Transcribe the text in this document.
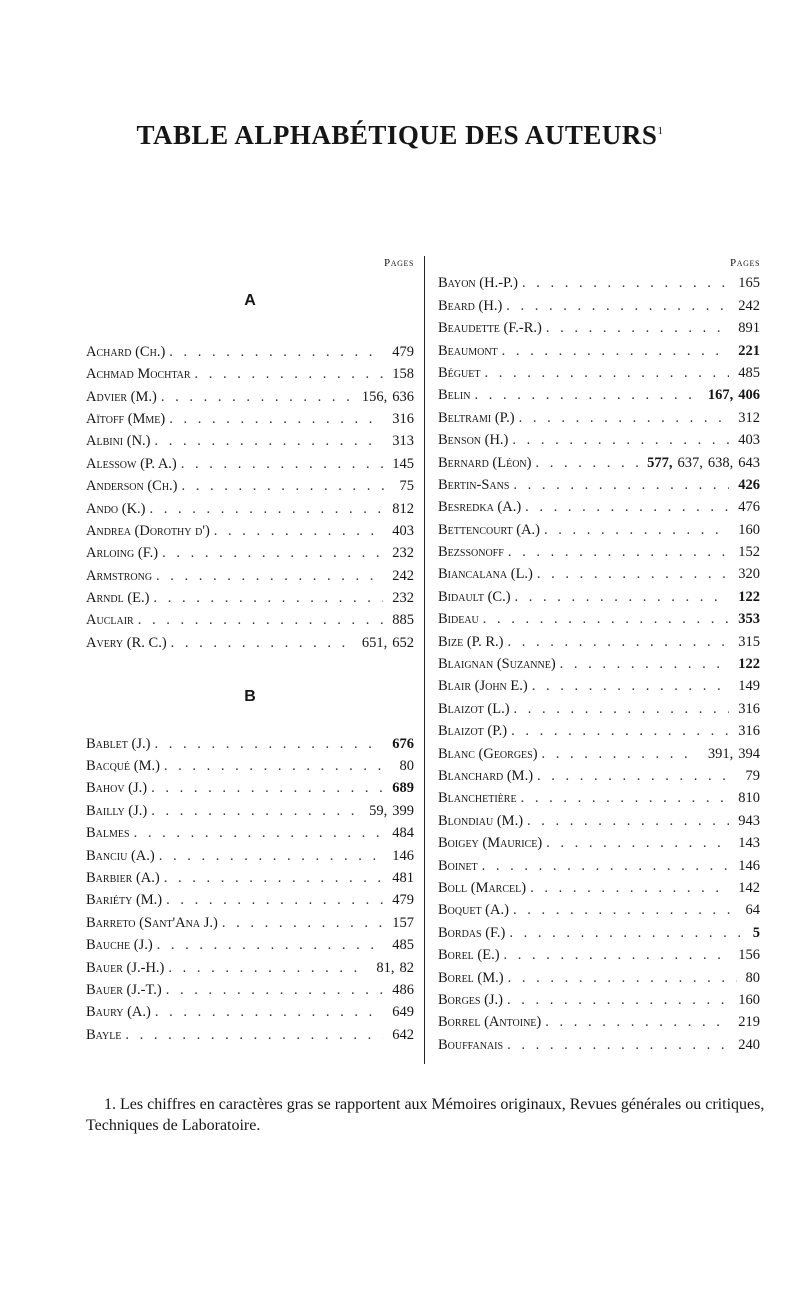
TABLE ALPHABÉTIQUE DES AUTEURS$^1$
Pages
A
Achard (Ch.) . . .	479
Achmad Mochtar . . .	158
Advier (M.) . . .	156, 636
Aïtoff (Mme) . . .	316
Albini (N.) . . .	313
Alessow (P. A.) . . .	145
Anderson (Ch.) . . .	75
Ando (K.) . . .	812
Andrea (Dorothy d') . . .	403
Arloing (F.) . . .	232
Armstrong . . .	242
Arndl (E.) . . .	232
Auclair . . .	885
Avery (R. C.) . . .	651, 652
B
Bablet (J.) . . .	676
Bacqué (M.) . . .	80
Bahov (J.) . . .	689
Bailly (J.) . . .	59, 399
Balmes . . .	484
Banciu (A.) . . .	146
Barbier (A.) . . .	481
Bariéty (M.) . . .	479
Barreto (Sant'Ana J.) . . .	157
Bauche (J.) . . .	485
Bauer (J.-H.) . . .	81, 82
Bauer (J.-T.) . . .	486
Baury (A.) . . .	649
Bayle . . .	642
Pages
Bayon (H.-P.) . . .	165
Beard (H.) . . .	242
Beaudette (F.-R.) . . .	891
Beaumont . . .	221
Béguet . . .	485
Belin . . .	167, 406
Beltrami (P.) . . .	312
Benson (H.) . . .	403
Bernard (Léon) . . .	577, 637, 638, 643
Bertin-Sans . . .	426
Besredka (A.) . . .	476
Bettencourt (A.) . . .	160
Bezssonoff . . .	152
Biancalana (L.) . . .	320
Bidault (C.) . . .	122
Bideau . . .	353
Bize (P. R.) . . .	315
Blaignan (Suzanne) . . .	122
Blair (John E.) . . .	149
Blaizot (L.) . . .	316
Blaizot (P.) . . .	316
Blanc (Georges) . . .	391, 394
Blanchard (M.) . . .	79
Blanchetière . . .	810
Blondiau (M.) . . .	943
Boigey (Maurice) . . .	143
Boinet . . .	146
Boll (Marcel) . . .	142
Boquet (A.) . . .	64
Bordas (F.) . . .	5
Borel (E.) . . .	156
Borel (M.) . . .	80
Borges (J.) . . .	160
Borrel (Antoine) . . .	219
Bouffanais . . .	240

1. Les chiffres en caractères gras se rapportent aux Mémoires originaux, Revues générales ou critiques, Techniques de Laboratoire.
